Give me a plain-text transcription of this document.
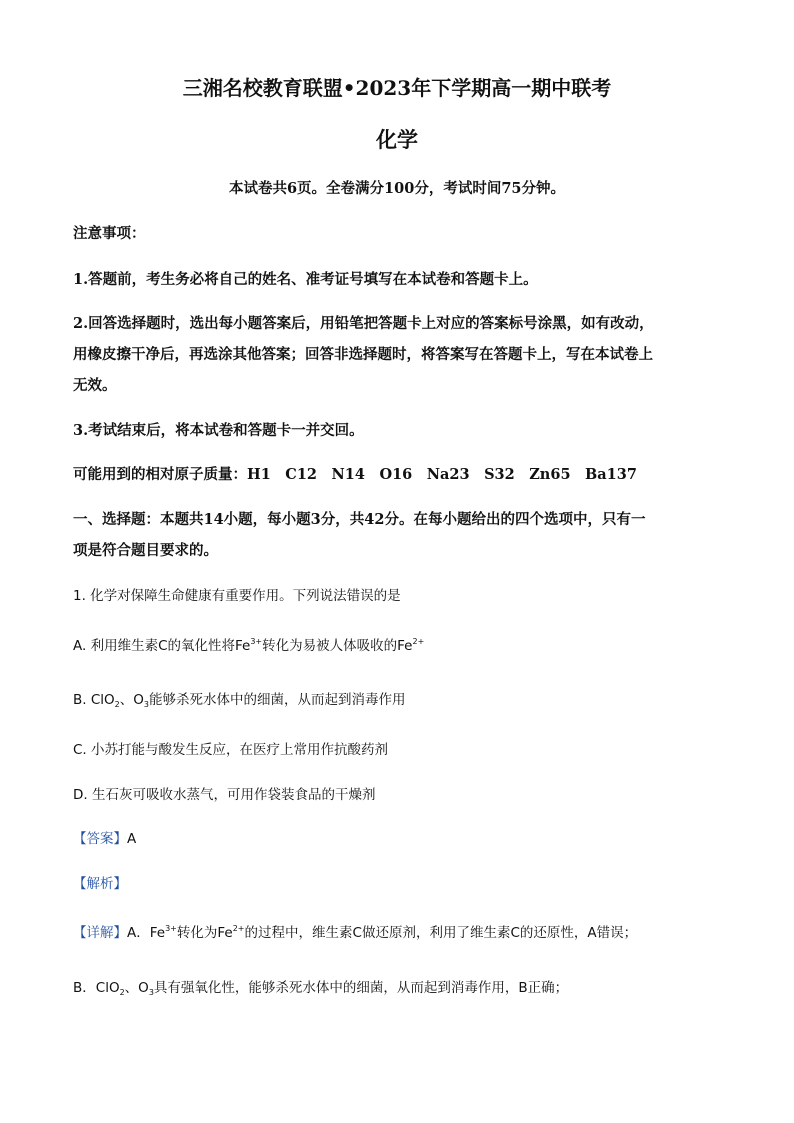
三湘名校教育联盟•2023年下学期高一期中联考
化学
本试卷共6页。全卷满分100分，考试时间75分钟。
注意事项：
1.答题前，考生务必将自己的姓名、准考证号填写在本试卷和答题卡上。
2.回答选择题时，选出每小题答案后，用铅笔把答题卡上对应的答案标号涂黑，如有改动，
用橡皮擦干净后，再选涂其他答案；回答非选择题时，将答案写在答题卡上，写在本试卷上
无效。
3.考试结束后，将本试卷和答题卡一并交回。
可能用到的相对原子质量：H1　C12　N14　O16　Na23　S32　Zn65　Ba137
一、选择题：本题共14小题，每小题3分，共42分。在每小题给出的四个选项中，只有一
项是符合题目要求的。
1. 化学对保障生命健康有重要作用。下列说法错误的是
A. 利用维生素C的氧化性将$Fe^{3+}$转化为易被人体吸收的$Fe^{2+}$
B. ClO$_2$、$O_3$能够杀死水体中的细菌，从而起到消毒作用
C. 小苏打能与酸发生反应，在医疗上常用作抗酸药剂
D. 生石灰可吸收水蒸气，可用作袋装食品的干燥剂
【答案】A
【解析】
【详解】A．$Fe^{3+}$转化为$Fe^{2+}$的过程中，维生素C做还原剂，利用了维生素C的还原性，A错误；
B．ClO$_2$、$O_3$具有强氧化性，能够杀死水体中的细菌，从而起到消毒作用，B正确；
